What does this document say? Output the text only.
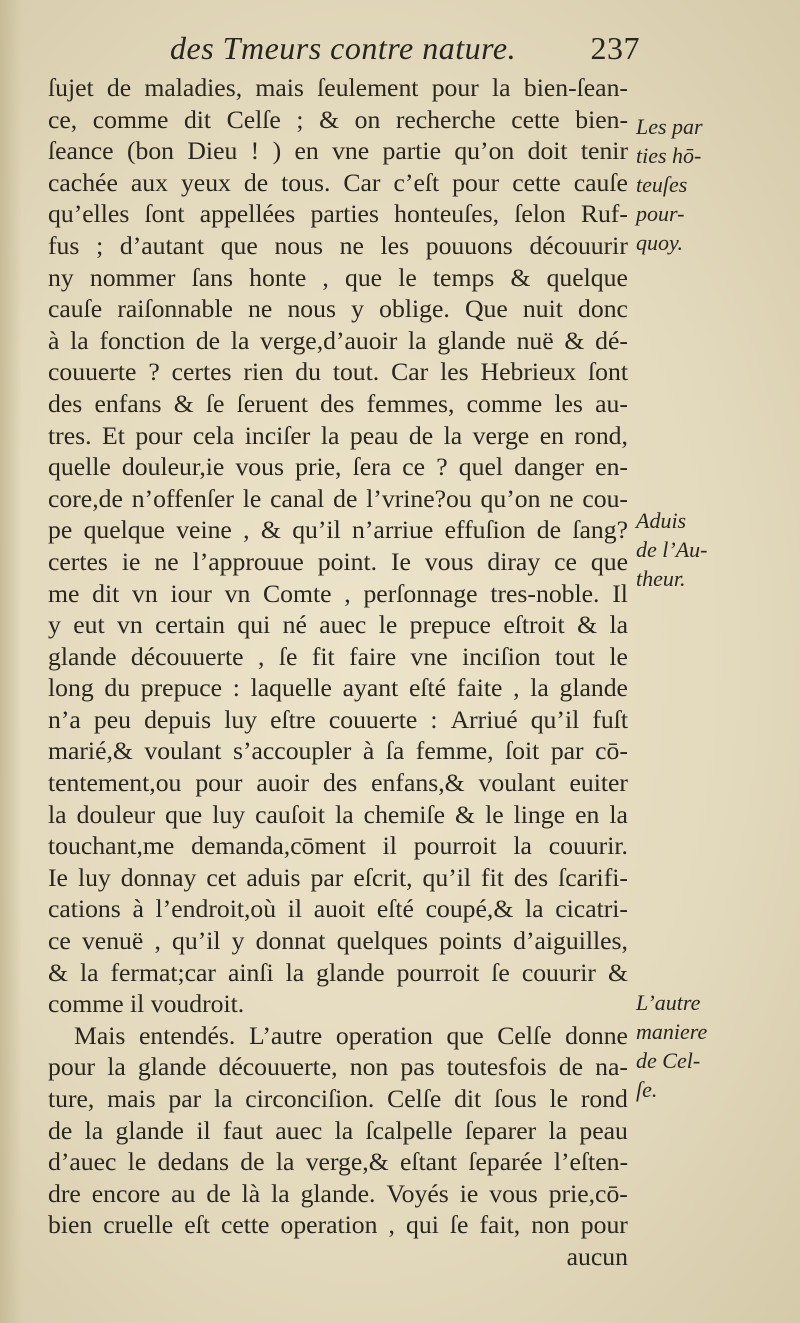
des Tmeurs contre nature. 237
ſujet de maladies, mais ſeulement pour la bien-ſean-
ce, comme dit Celſe ; & on recherche cette bien-
ſeance (bon Dieu ! ) en vne partie qu’on doit tenir
cachée aux yeux de tous. Car c’eſt pour cette cauſe
qu’elles ſont appellées parties honteuſes, ſelon Ruf-
fus ; d’autant que nous ne les pouuons découurir
ny nommer ſans honte , que le temps & quelque
cauſe raiſonnable ne nous y oblige. Que nuit donc
à la fonction de la verge,d’auoir la glande nuë & dé-
couuerte ? certes rien du tout. Car les Hebrieux ſont
des enfans & ſe ſeruent des femmes, comme les au-
tres. Et pour cela inciſer la peau de la verge en rond,
quelle douleur,ie vous prie, ſera ce ? quel danger en-
core,de n’offenſer le canal de l’vrine?ou qu’on ne cou-
pe quelque veine , & qu’il n’arriue effuſion de ſang?
certes ie ne l’approuue point. Ie vous diray ce que
me dit vn iour vn Comte , perſonnage tres-noble. Il
y eut vn certain qui né auec le prepuce eſtroit & la
glande découuerte , ſe fit faire vne inciſion tout le
long du prepuce : laquelle ayant eſté faite , la glande
n’a peu depuis luy eſtre couuerte : Arriué qu’il fuſt
marié,& voulant s’accoupler à ſa femme, ſoit par cō-
tentement,ou pour auoir des enfans,& voulant euiter
la douleur que luy cauſoit la chemiſe & le linge en la
touchant,me demanda,cōment il pourroit la couurir.
Ie luy donnay cet aduis par eſcrit, qu’il fit des ſcarifi-
cations à l’endroit,où il auoit eſté coupé,& la cicatri-
ce venuë , qu’il y donnat quelques points d’aiguilles,
& la fermat;car ainſi la glande pourroit ſe couurir &
comme il voudroit.
Mais entendés. L’autre operation que Celſe donne
pour la glande découuerte, non pas toutesfois de na-
ture, mais par la circonciſion. Celſe dit ſous le rond
de la glande il faut auec la ſcalpelle ſeparer la peau
d’auec le dedans de la verge,& eſtant ſeparée l’eſten-
dre encore au de là la glande. Voyés ie vous prie,cō-
bien cruelle eſt cette operation , qui ſe fait, non pour
aucun
Les par
ties hō-
teuſes
pour-
quoy.
Aduis
de l’Au-
theur.
L’autre
maniere
de Cel-
ſe.
